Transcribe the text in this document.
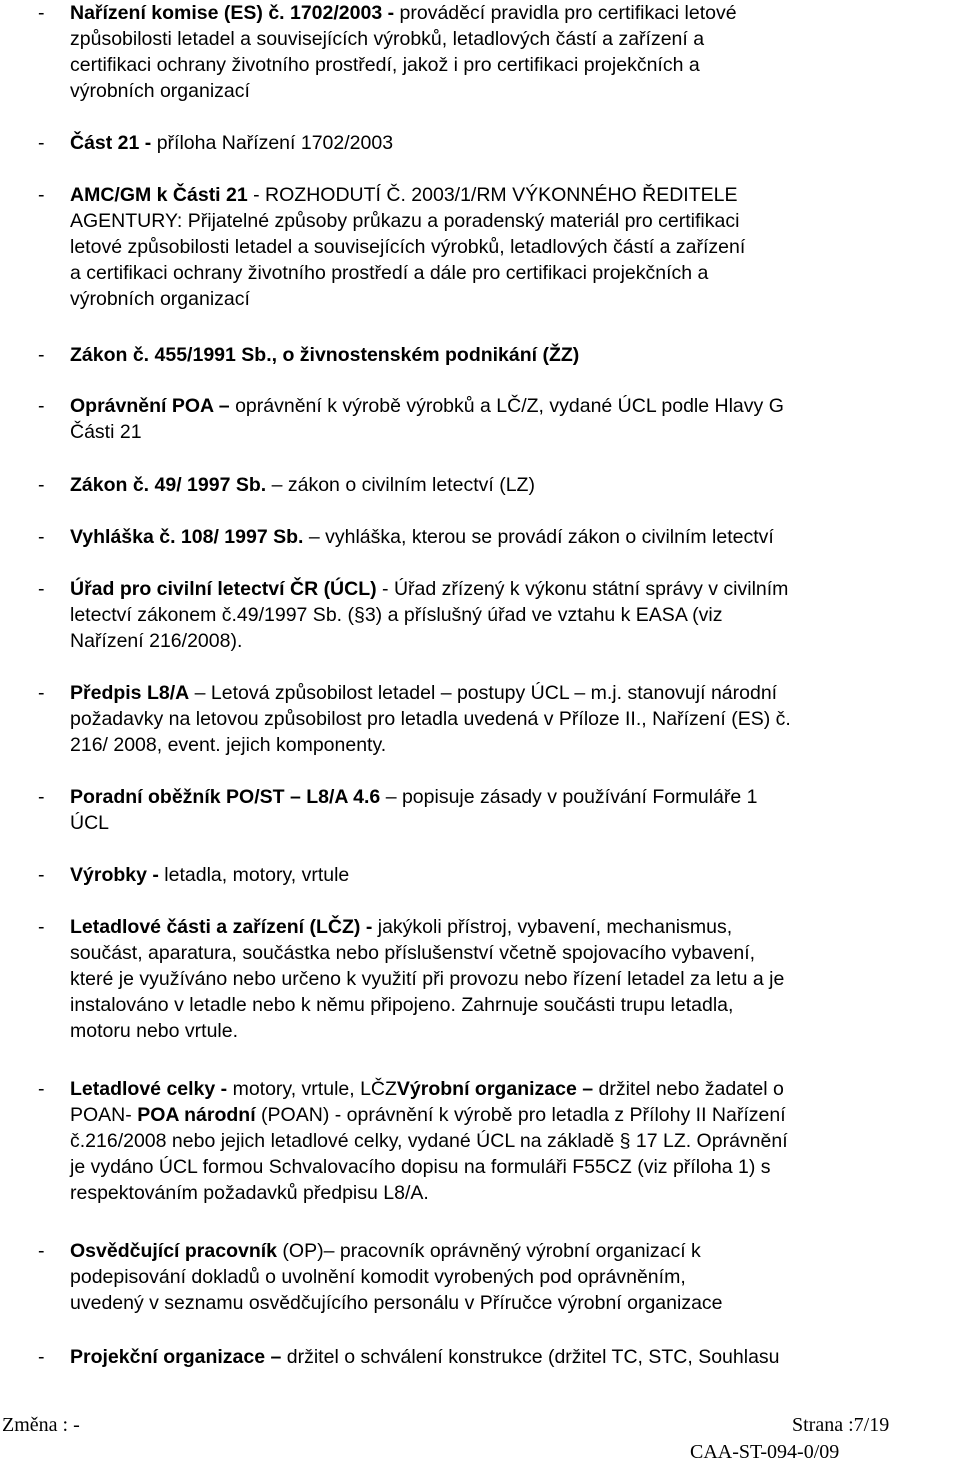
- Nařízení komise (ES) č. 1702/2003 - prováděcí pravidla pro certifikaci letové
způsobilosti letadel a souvisejících výrobků, letadlových částí a zařízení a
certifikaci ochrany životního prostředí, jakož i pro certifikaci projekčních a
výrobních organizací
- Část 21 - příloha Nařízení 1702/2003
- AMC/GM k Části 21 - ROZHODUTÍ Č. 2003/1/RM VÝKONNÉHO ŘEDITELE
AGENTURY: Přijatelné způsoby průkazu a poradenský materiál pro certifikaci
letové způsobilosti letadel a souvisejících výrobků, letadlových částí a zařízení
a certifikaci ochrany životního prostředí a dále pro certifikaci projekčních a
výrobních organizací
- Zákon č. 455/1991 Sb., o živnostenském podnikání (ŽZ)
- Oprávnění POA – oprávnění k výrobě výrobků a LČ/Z, vydané ÚCL podle Hlavy G
Části 21
- Zákon č. 49/ 1997 Sb. – zákon o civilním letectví (LZ)
- Vyhláška č. 108/ 1997 Sb. – vyhláška, kterou se provádí zákon o civilním letectví
- Úřad pro civilní letectví ČR (ÚCL) - Úřad zřízený k výkonu státní správy v civilním
letectví zákonem č.49/1997 Sb. (§3) a příslušný úřad ve vztahu k EASA (viz
Nařízení 216/2008).
- Předpis L8/A – Letová způsobilost letadel – postupy ÚCL – m.j. stanovují národní
požadavky na letovou způsobilost pro letadla uvedená v Příloze II., Nařízení (ES) č.
216/ 2008, event. jejich komponenty.
- Poradní oběžník PO/ST – L8/A 4.6 – popisuje zásady v používání Formuláře 1
ÚCL
- Výrobky - letadla, motory, vrtule
- Letadlové části a zařízení (LČZ) - jakýkoli přístroj, vybavení, mechanismus,
součást, aparatura, součástka nebo příslušenství včetně spojovacího vybavení,
které je využíváno nebo určeno k využití při provozu nebo řízení letadel za letu a je
instalováno v letadle nebo k němu připojeno. Zahrnuje součásti trupu letadla,
motoru nebo vrtule.
- Letadlové celky - motory, vrtule, LČZVýrobní organizace – držitel nebo žadatel o
POAN- POA národní (POAN) - oprávnění k výrobě pro letadla z Přílohy II Nařízení
č.216/2008 nebo jejich letadlové celky, vydané ÚCL na základě § 17 LZ. Oprávnění
je vydáno ÚCL formou Schvalovacího dopisu na formuláři F55CZ (viz příloha 1) s
respektováním požadavků předpisu L8/A.
- Osvědčující pracovník (OP)– pracovník oprávněný výrobní organizací k
podepisování dokladů o uvolnění komodit vyrobených pod oprávněním,
uvedený v seznamu osvědčujícího personálu v Příručce výrobní organizace
- Projekční organizace – držitel o schválení konstrukce (držitel TC, STC, Souhlasu
Změna : -	Strana :7/19
CAA-ST-094-0/09
